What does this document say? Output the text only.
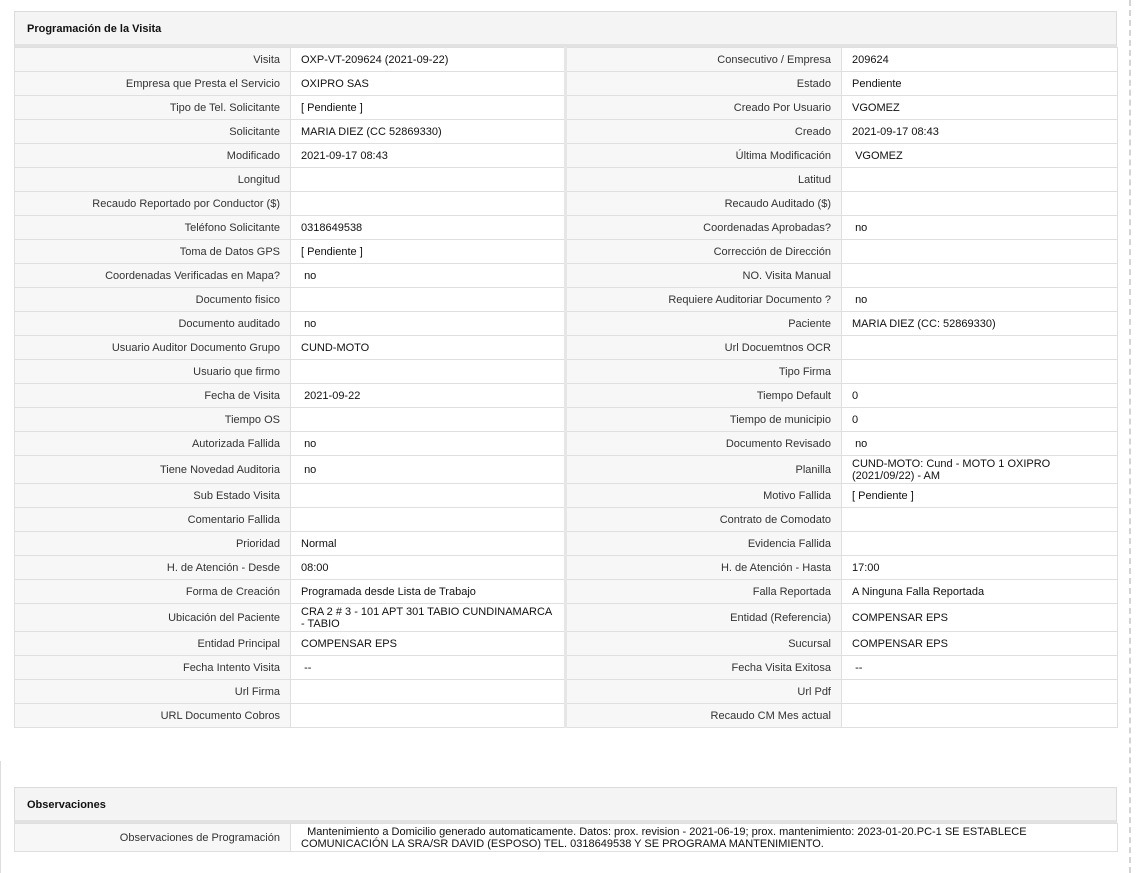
Programación de la Visita
Visita	OXP-VT-209624 (2021-09-22)	Consecutivo / Empresa	209624
Empresa que Presta el Servicio	OXIPRO SAS	Estado	Pendiente
Tipo de Tel. Solicitante	[ Pendiente ]	Creado Por Usuario	VGOMEZ
Solicitante	MARIA DIEZ (CC 52869330)	Creado	2021-09-17 08:43
Modificado	2021-09-17 08:43	Última Modificación	VGOMEZ
Longitud		Latitud	
Recaudo Reportado por Conductor ($)		Recaudo Auditado ($)	
Teléfono Solicitante	0318649538	Coordenadas Aprobadas?	no
Toma de Datos GPS	[ Pendiente ]	Corrección de Dirección	
Coordenadas Verificadas en Mapa?	no	NO. Visita Manual	
Documento fisico		Requiere Auditoriar Documento ?	no
Documento auditado	no	Paciente	MARIA DIEZ (CC: 52869330)
Usuario Auditor Documento Grupo	CUND-MOTO	Url Docuemtnos OCR	
Usuario que firmo		Tipo Firma	
Fecha de Visita	2021-09-22	Tiempo Default	0
Tiempo OS		Tiempo de municipio	0
Autorizada Fallida	no	Documento Revisado	no
Tiene Novedad Auditoria	no	Planilla	CUND-MOTO: Cund - MOTO 1 OXIPRO (2021/09/22) - AM
Sub Estado Visita		Motivo Fallida	[ Pendiente ]
Comentario Fallida		Contrato de Comodato	
Prioridad	Normal	Evidencia Fallida	
H. de Atención - Desde	08:00	H. de Atención - Hasta	17:00
Forma de Creación	Programada desde Lista de Trabajo	Falla Reportada	A Ninguna Falla Reportada
Ubicación del Paciente	CRA 2 # 3 - 101 APT 301 TABIO CUNDINAMARCA - TABIO	Entidad (Referencia)	COMPENSAR EPS
Entidad Principal	COMPENSAR EPS	Sucursal	COMPENSAR EPS
Fecha Intento Visita	--	Fecha Visita Exitosa	--
Url Firma		Url Pdf	
URL Documento Cobros		Recaudo CM Mes actual	
Observaciones
Observaciones de Programación	Mantenimiento a Domicilio generado automaticamente. Datos: prox. revision - 2021-06-19; prox. mantenimiento: 2023-01-20.PC-1 SE ESTABLECE COMUNICACIÓN LA SRA/SR DAVID (ESPOSO) TEL. 0318649538 Y SE PROGRAMA MANTENIMIENTO.
